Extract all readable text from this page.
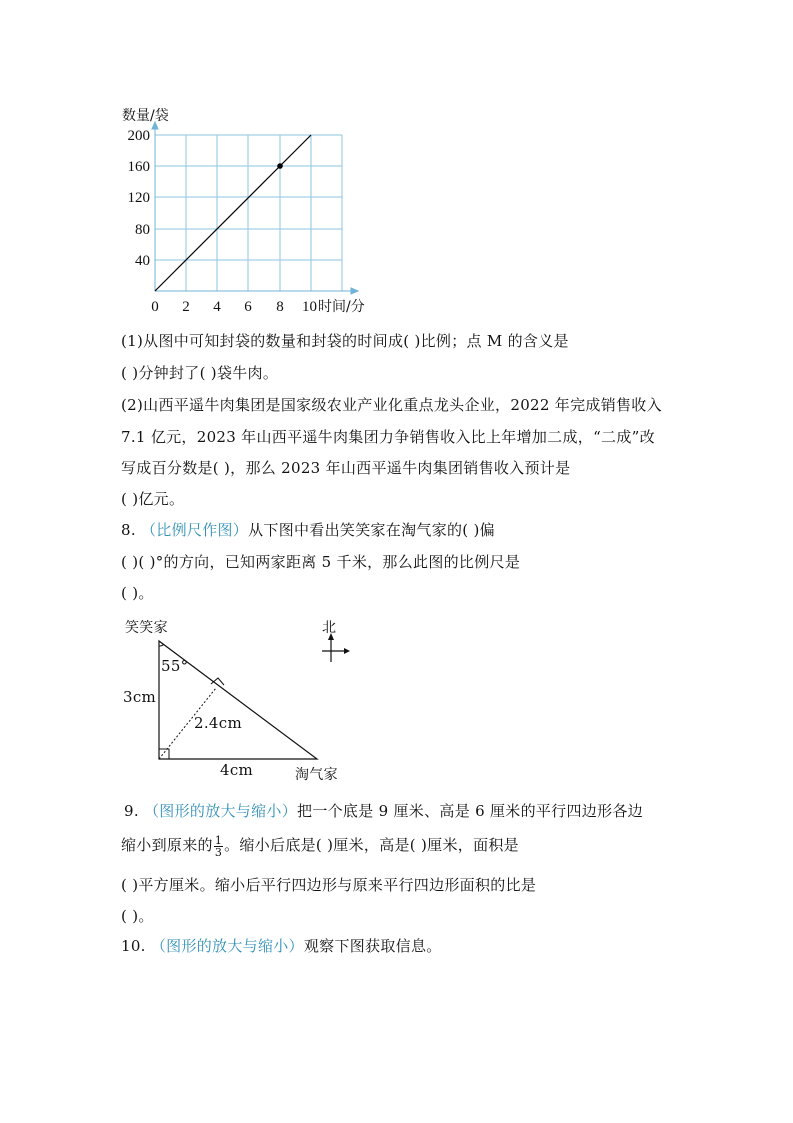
数量/袋
200
160
120
80
40
0 2 4 6 8 10 时间/分
(1)从图中可知封袋的数量和封袋的时间成( )比例；点 M 的含义是
( )分钟封了( )袋牛肉。
(2)山西平遥牛肉集团是国家级农业产业化重点龙头企业，2022 年完成销售收入
7.1 亿元，2023 年山西平遥牛肉集团力争销售收入比上年增加二成，“二成”改
写成百分数是( )，那么 2023 年山西平遥牛肉集团销售收入预计是
( )亿元。
8. （比例尺作图）从下图中看出笑笑家在淘气家的( )偏
( )( )°的方向，已知两家距离 5 千米，那么此图的比例尺是
( )。
笑笑家
55°
3cm
2.4cm
4cm	淘气家
北
9. （图形的放大与缩小）把一个底是 9 厘米、高是 6 厘米的平行四边形各边
缩小到原来的 $\frac{1}{3}$ 。缩小后底是( )厘米，高是( )厘米，面积是
( )平方厘米。缩小后平行四边形与原来平行四边形面积的比是
( )。
10. （图形的放大与缩小）观察下图获取信息。
